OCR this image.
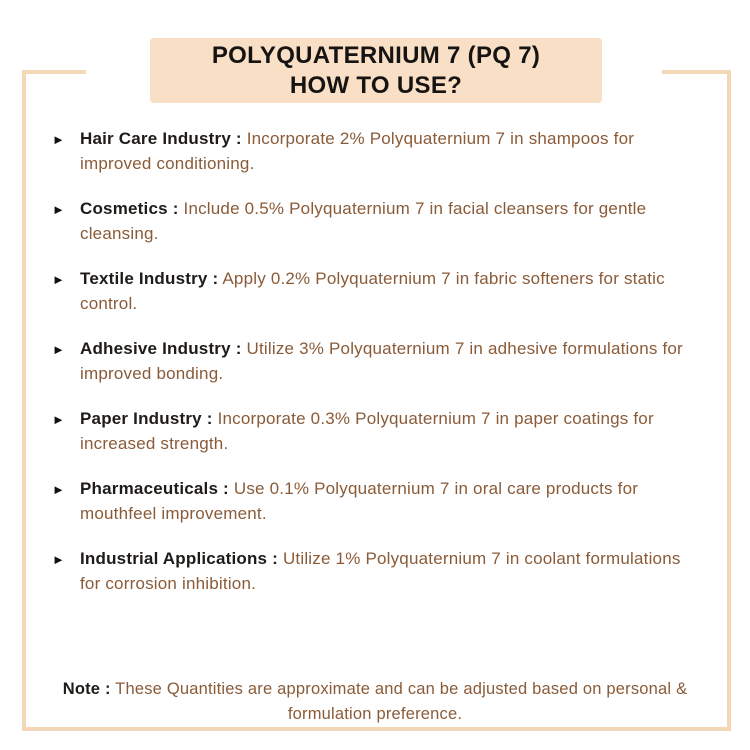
POLYQUATERNIUM 7 (PQ 7)
HOW TO USE?
► Hair Care Industry : Incorporate 2% Polyquaternium 7 in shampoos for improved conditioning.

► Cosmetics : Include 0.5% Polyquaternium 7 in facial cleansers for gentle cleansing.

► Textile Industry : Apply 0.2% Polyquaternium 7 in fabric softeners for static control.

► Adhesive Industry : Utilize 3% Polyquaternium 7 in adhesive formulations for improved bonding.

► Paper Industry : Incorporate 0.3% Polyquaternium 7 in paper coatings for increased strength.

► Pharmaceuticals : Use 0.1% Polyquaternium 7 in oral care products for mouthfeel improvement.

► Industrial Applications : Utilize 1% Polyquaternium 7 in coolant formulations for corrosion inhibition.

Note : These Quantities are approximate and can be adjusted based on personal & formulation preference.
